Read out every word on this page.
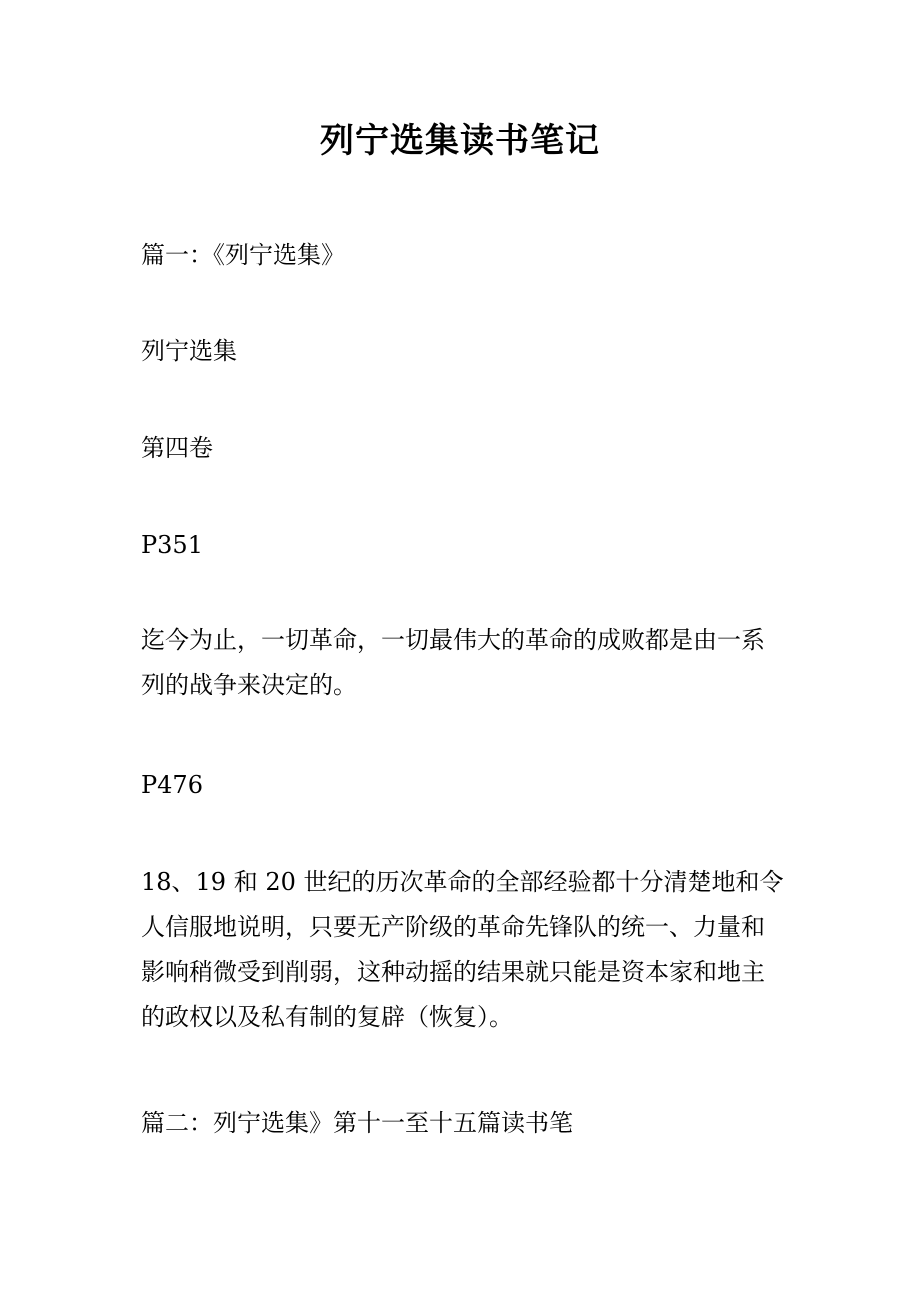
列宁选集读书笔记
篇一：《列宁选集》
列宁选集
第四卷
P351
迄今为止，一切革命，一切最伟大的革命的成败都是由一系
列的战争来决定的。
P476
18、19 和 20 世纪的历次革命的全部经验都十分清楚地和令
人信服地说明，只要无产阶级的革命先锋队的统一、力量和
影响稍微受到削弱，这种动摇的结果就只能是资本家和地主
的政权以及私有制的复辟（恢复）。
篇二：列宁选集》第十一至十五篇读书笔
